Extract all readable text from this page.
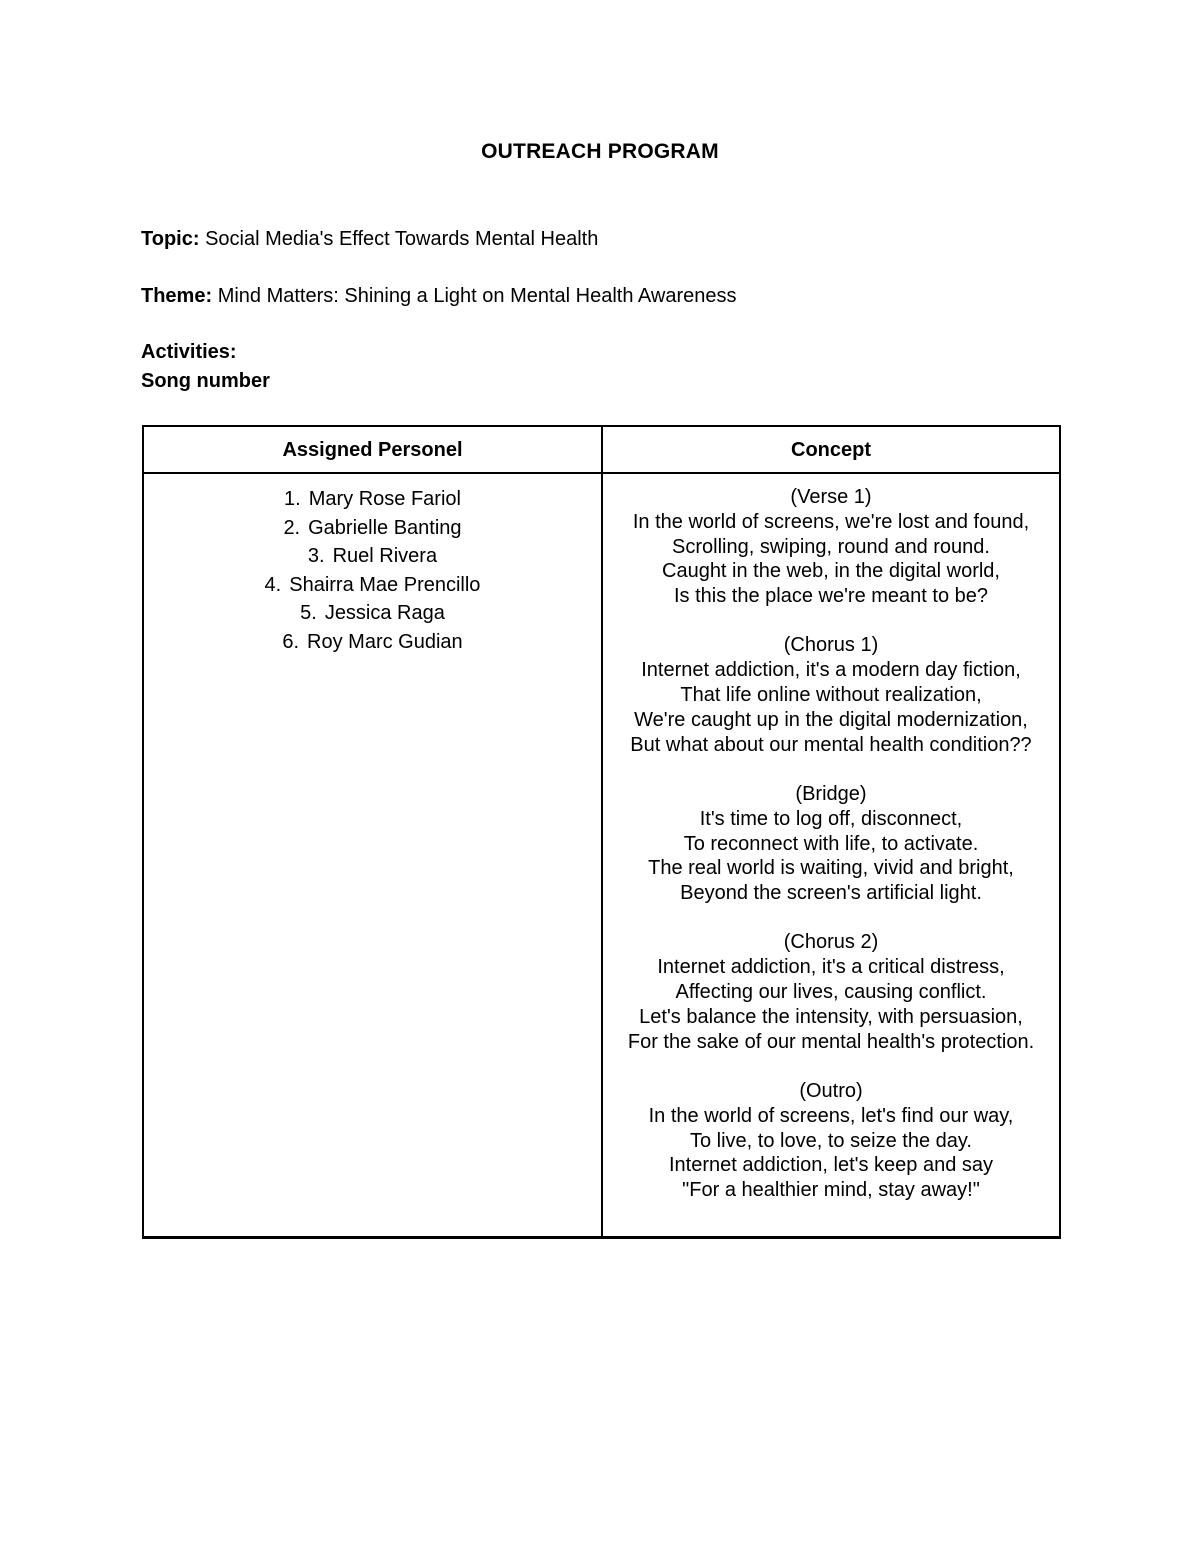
OUTREACH PROGRAM
Topic: Social Media's Effect Towards Mental Health
Theme: Mind Matters: Shining a Light on Mental Health Awareness
Activities:
Song number
Assigned Personel	Concept
1. Mary Rose Fariol
2. Gabrielle Banting
3. Ruel Rivera
4. Shairra Mae Prencillo
5. Jessica Raga
6. Roy Marc Gudian
(Verse 1)
In the world of screens, we're lost and found,
Scrolling, swiping, round and round.
Caught in the web, in the digital world,
Is this the place we're meant to be?
(Chorus 1)
Internet addiction, it's a modern day fiction,
That life online without realization,
We're caught up in the digital modernization,
But what about our mental health condition??
(Bridge)
It's time to log off, disconnect,
To reconnect with life, to activate.
The real world is waiting, vivid and bright,
Beyond the screen's artificial light.
(Chorus 2)
Internet addiction, it's a critical distress,
Affecting our lives, causing conflict.
Let's balance the intensity, with persuasion,
For the sake of our mental health's protection.
(Outro)
In the world of screens, let's find our way,
To live, to love, to seize the day.
Internet addiction, let's keep and say
"For a healthier mind, stay away!"
